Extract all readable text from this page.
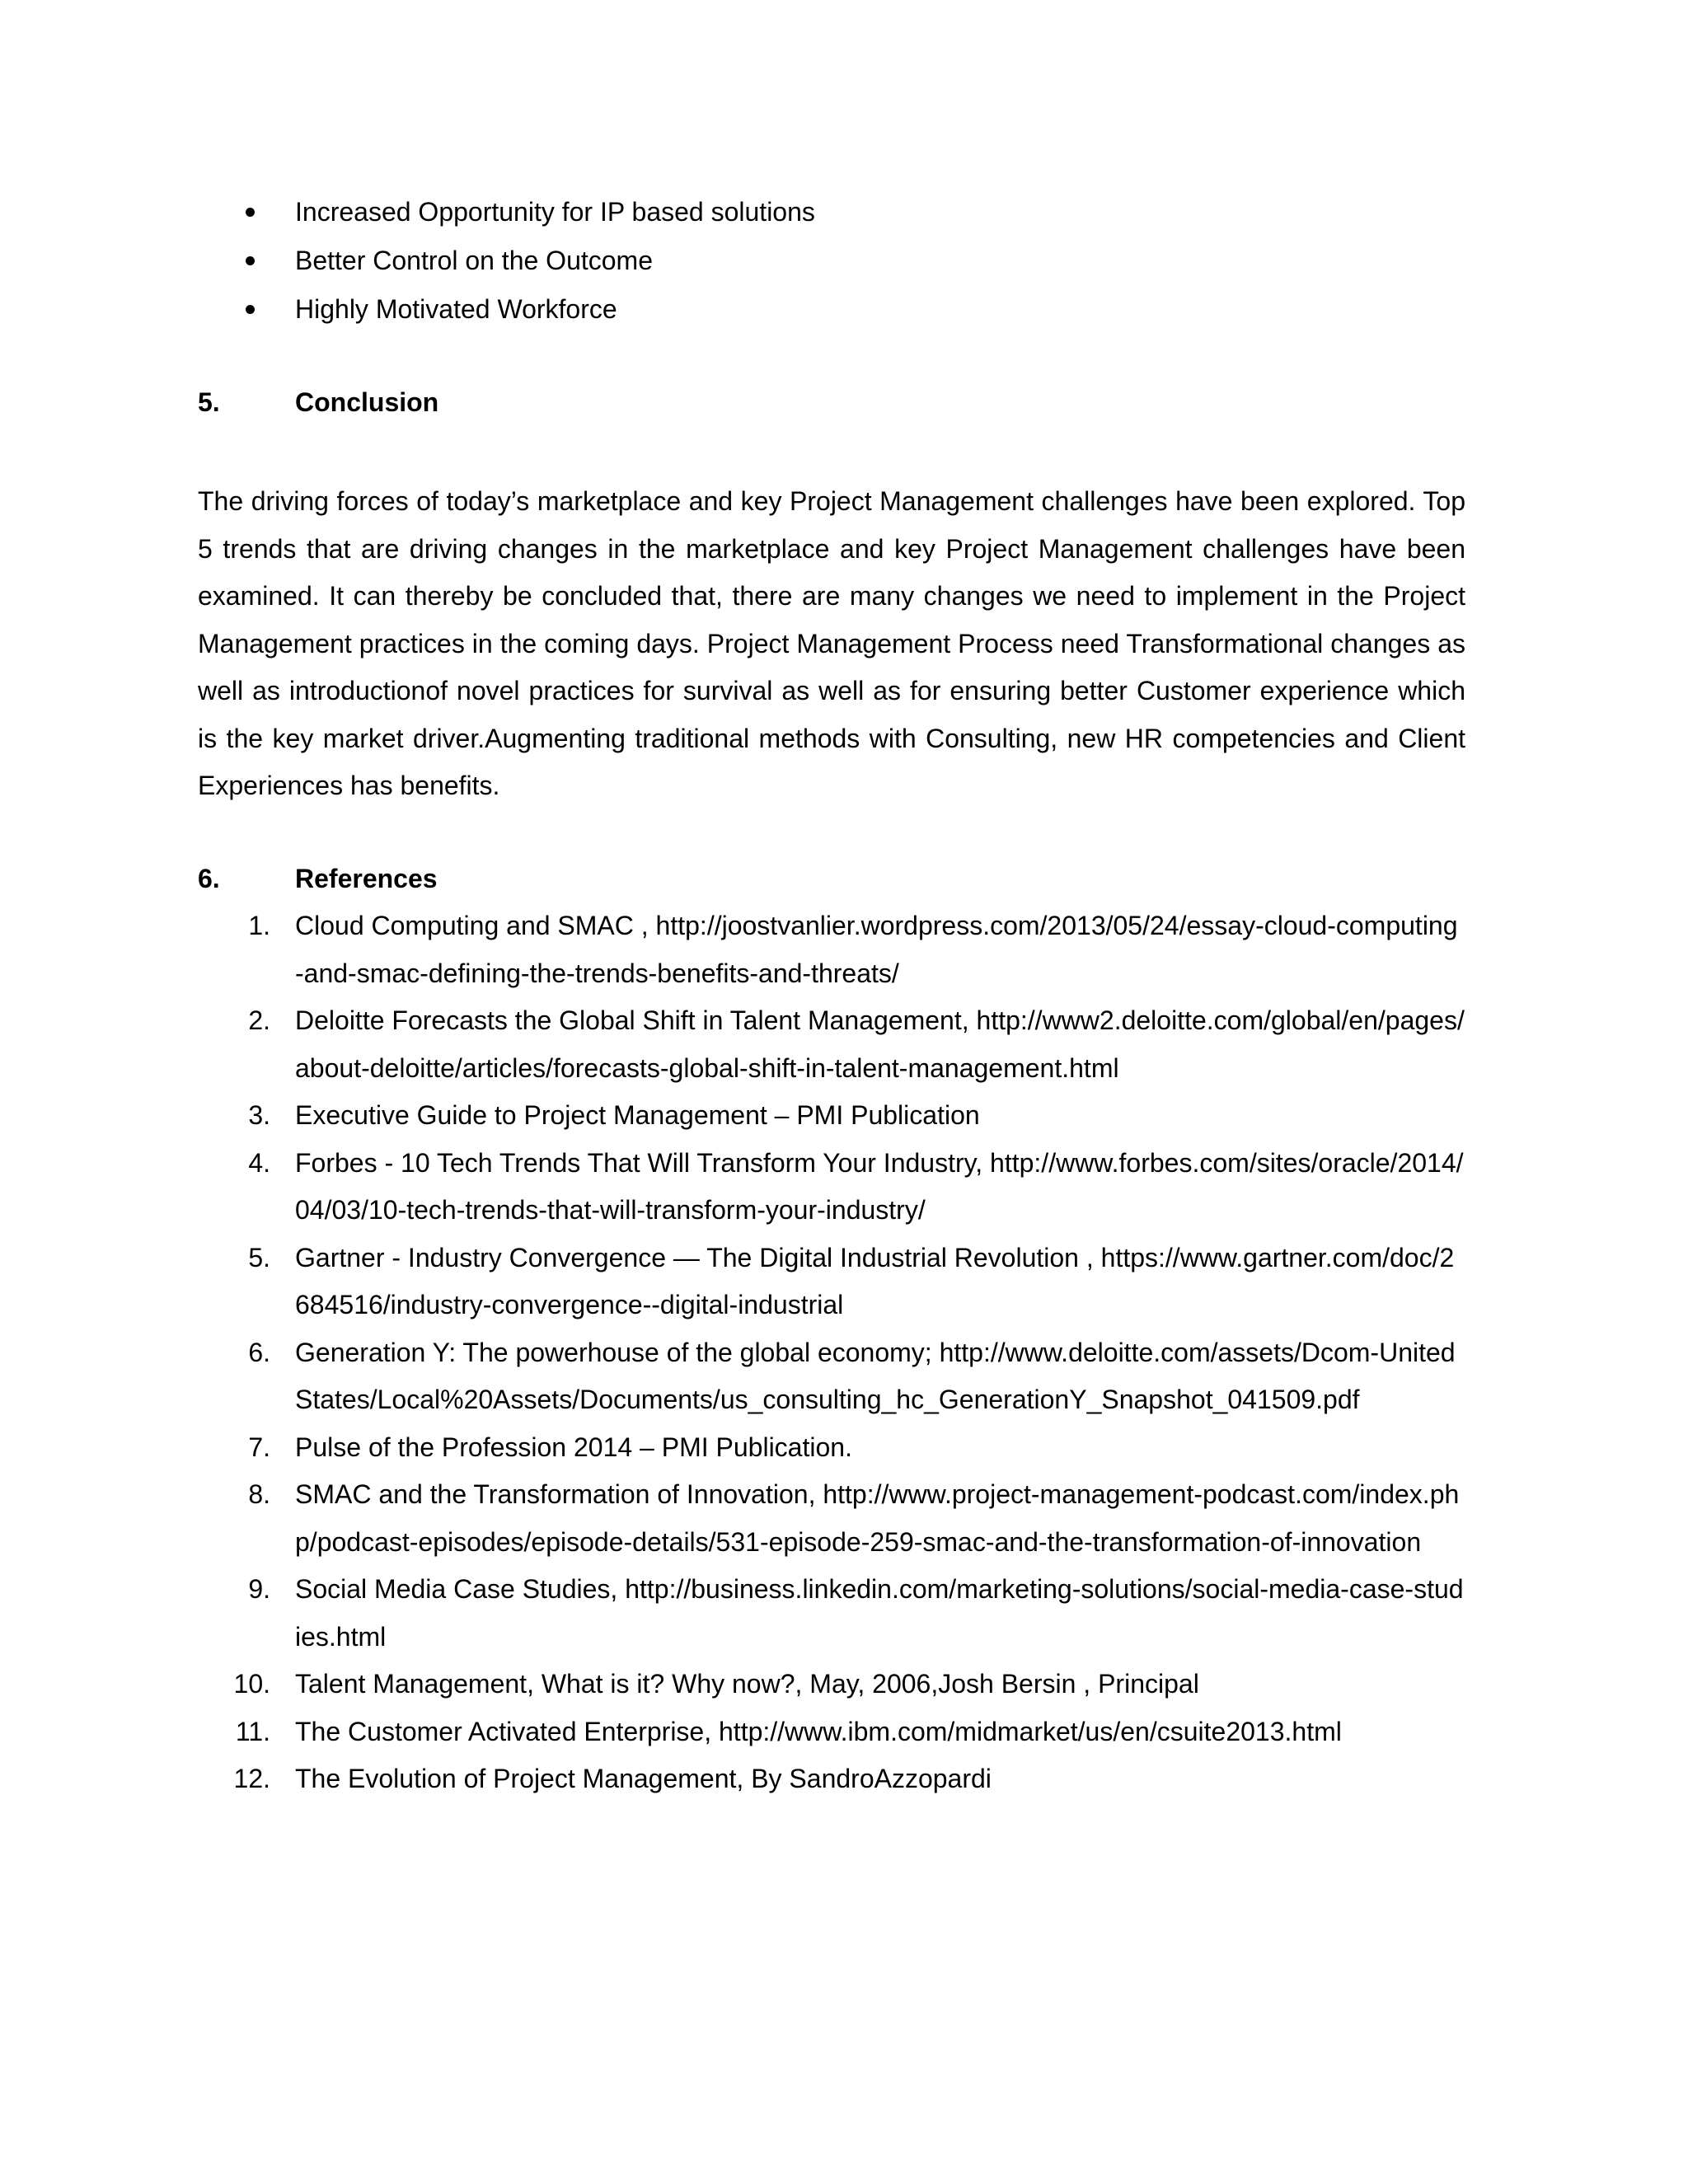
Increased Opportunity for IP based solutions
Better Control on the Outcome
Highly Motivated Workforce
5.	Conclusion

The driving forces of today’s marketplace and key Project Management challenges have been explored. Top 5 trends that are driving changes in the marketplace and key Project Management challenges have been examined. It can thereby be concluded that, there are many changes we need to implement in the Project Management practices in the coming days. Project Management Process need Transformational changes as well as introductionof novel practices for survival as well as for ensuring better Customer experience which is the key market driver.Augmenting traditional methods with Consulting, new HR competencies and Client Experiences has benefits.

6.	References
1. Cloud Computing and SMAC , http://joostvanlier.wordpress.com/2013/05/24/essay-cloud-computing-and-smac-defining-the-trends-benefits-and-threats/
2. Deloitte Forecasts the Global Shift in Talent Management, http://www2.deloitte.com/global/en/pages/about-deloitte/articles/forecasts-global-shift-in-talent-management.html
3. Executive Guide to Project Management – PMI Publication
4. Forbes - 10 Tech Trends That Will Transform Your Industry, http://www.forbes.com/sites/oracle/2014/04/03/10-tech-trends-that-will-transform-your-industry/
5. Gartner - Industry Convergence — The Digital Industrial Revolution , https://www.gartner.com/doc/2684516/industry-convergence--digital-industrial
6. Generation Y: The powerhouse of the global economy; http://www.deloitte.com/assets/Dcom-UnitedStates/Local%20Assets/Documents/us_consulting_hc_GenerationY_Snapshot_041509.pdf
7. Pulse of the Profession 2014 – PMI Publication.
8. SMAC and the Transformation of Innovation, http://www.project-management-podcast.com/index.php/podcast-episodes/episode-details/531-episode-259-smac-and-the-transformation-of-innovation
9. Social Media Case Studies, http://business.linkedin.com/marketing-solutions/social-media-case-studies.html
10. Talent Management, What is it? Why now?, May, 2006,Josh Bersin , Principal
11. The Customer Activated Enterprise, http://www.ibm.com/midmarket/us/en/csuite2013.html
12. The Evolution of Project Management, By SandroAzzopardi
